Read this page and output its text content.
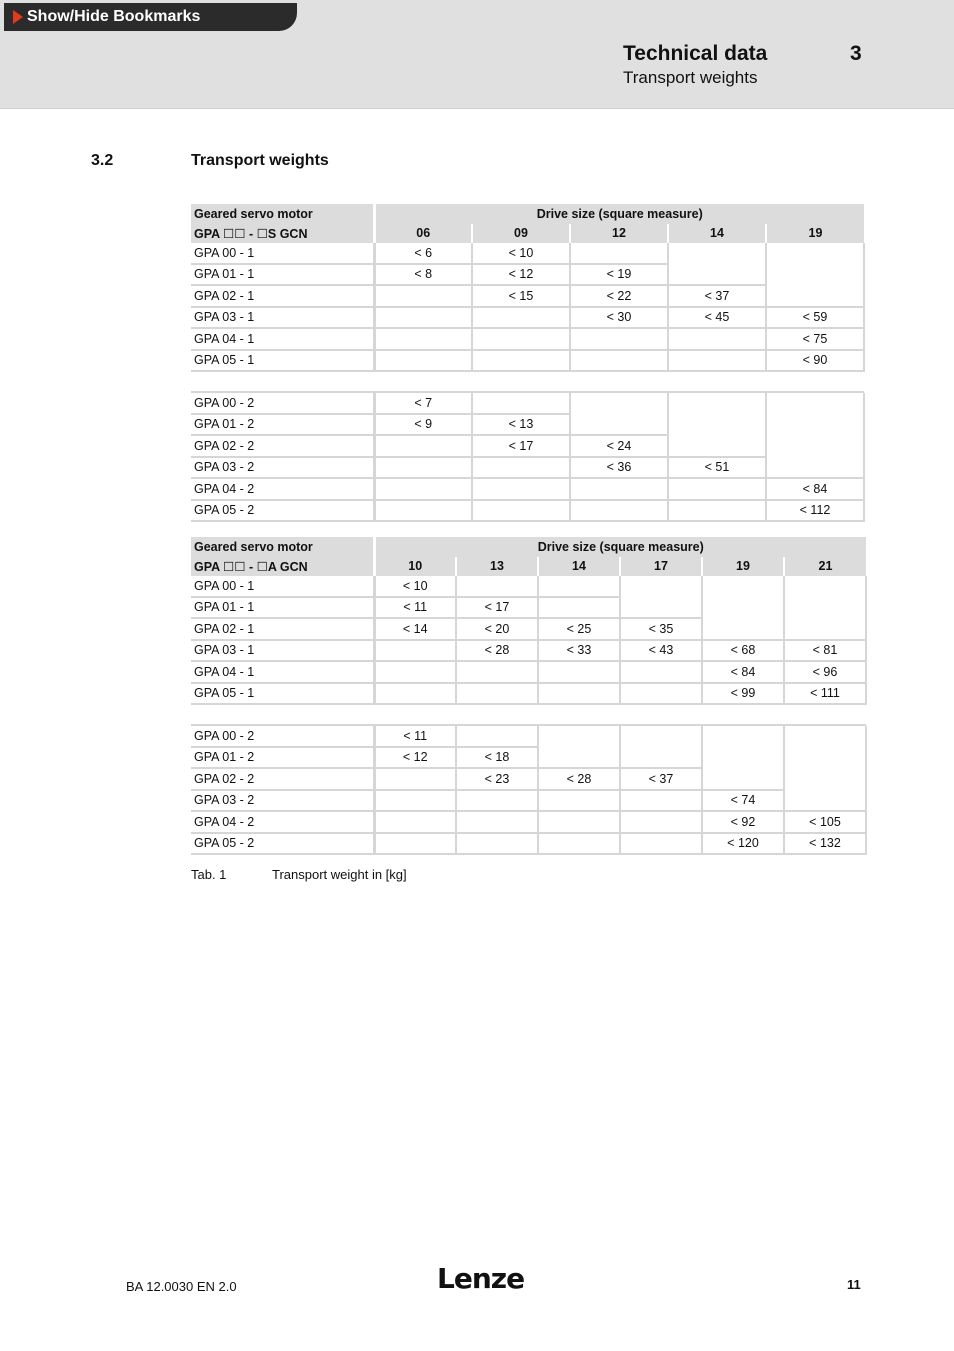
Show/Hide Bookmarks
Technical data	3
Transport weights
3.2	Transport weights
Geared servo motor	Drive size (square measure)				
GPA ☐☐ - ☐S GCN	06	09	12	14	19
GPA 00 - 1	< 6	< 10			
GPA 01 - 1	< 8	< 12	< 19		
GPA 02 - 1		< 15	< 22	< 37	
GPA 03 - 1			< 30	< 45	< 59
GPA 04 - 1					< 75
GPA 05 - 1					< 90

GPA 00 - 2	< 7				
GPA 01 - 2	< 9	< 13			
GPA 02 - 2		< 17	< 24		
GPA 03 - 2			< 36	< 51	
GPA 04 - 2					< 84
GPA 05 - 2					< 112
Geared servo motor	Drive size (square measure)					
GPA ☐☐ - ☐A GCN	10	13	14	17	19	21
GPA 00 - 1	< 10					
GPA 01 - 1	< 11	< 17				
GPA 02 - 1	< 14	< 20	< 25	< 35		
GPA 03 - 1		< 28	< 33	< 43	< 68	< 81
GPA 04 - 1					< 84	< 96
GPA 05 - 1					< 99	< 111

GPA 00 - 2	< 11					
GPA 01 - 2	< 12	< 18				
GPA 02 - 2		< 23	< 28	< 37		
GPA 03 - 2					< 74	
GPA 04 - 2					< 92	< 105
GPA 05 - 2					< 120	< 132
Tab. 1	Transport weight in [kg]
BA 12.0030 EN 2.0	Lenze	11
